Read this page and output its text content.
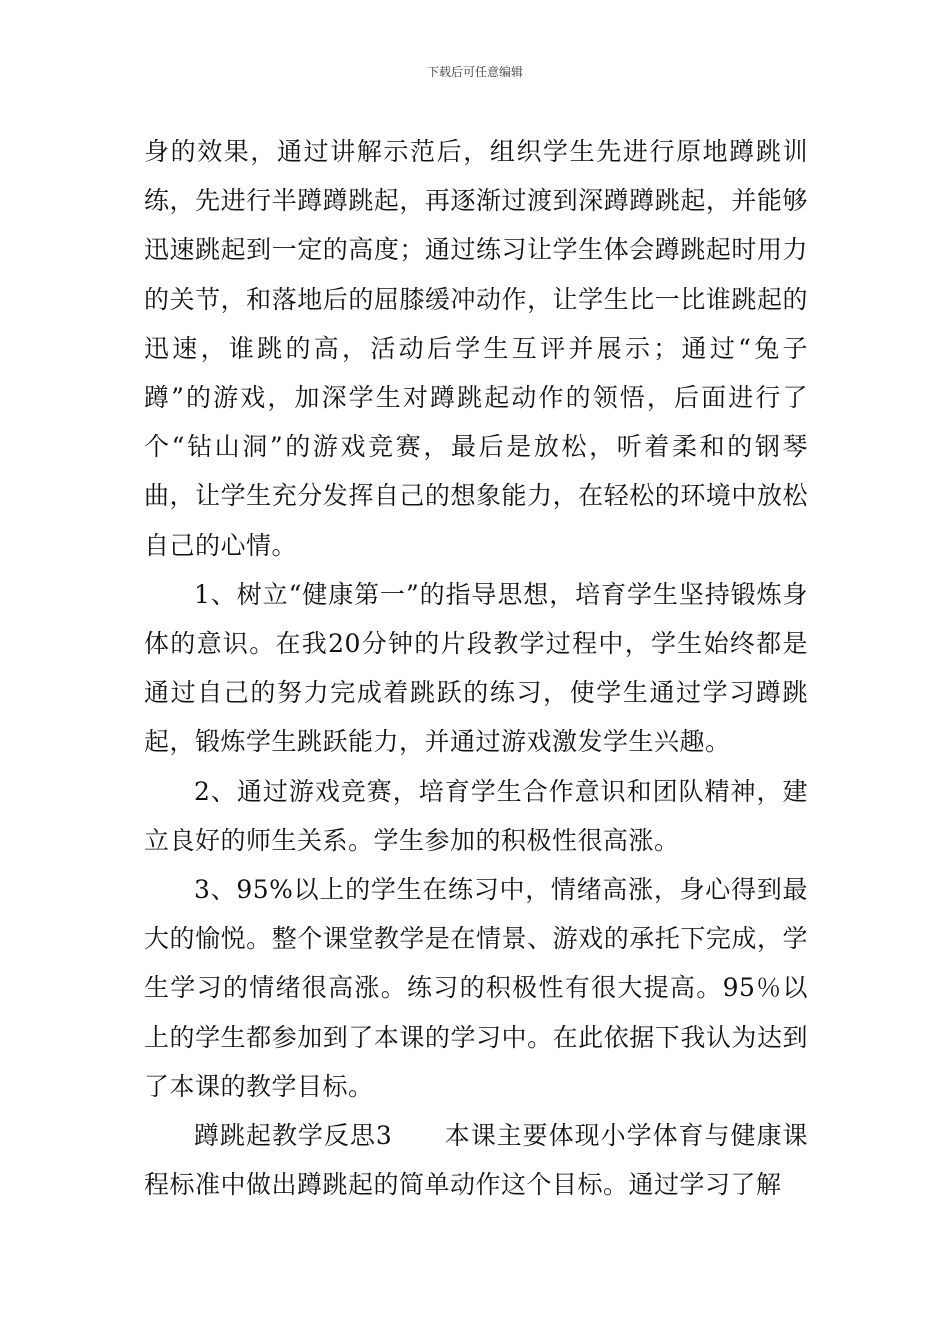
下载后可任意编辑

身的效果，通过讲解示范后，组织学生先进行原地蹲跳训练，先进行半蹲蹲跳起，再逐渐过渡到深蹲蹲跳起，并能够迅速跳起到一定的高度；通过练习让学生体会蹲跳起时用力的关节，和落地后的屈膝缓冲动作，让学生比一比谁跳起的迅速，谁跳的高，活动后学生互评并展示；通过“兔子蹲”的游戏，加深学生对蹲跳起动作的领悟，后面进行了个“钻山洞”的游戏竞赛，最后是放松，听着柔和的钢琴曲，让学生充分发挥自己的想象能力，在轻松的环境中放松自己的心情。

1、树立“健康第一”的指导思想，培育学生坚持锻炼身体的意识。在我20分钟的片段教学过程中，学生始终都是通过自己的努力完成着跳跃的练习，使学生通过学习蹲跳起，锻炼学生跳跃能力，并通过游戏激发学生兴趣。

2、通过游戏竞赛，培育学生合作意识和团队精神，建立良好的师生关系。学生参加的积极性很高涨。

3、95%以上的学生在练习中，情绪高涨，身心得到最大的愉悦。整个课堂教学是在情景、游戏的承托下完成，学生学习的情绪很高涨。练习的积极性有很大提高。95％以上的学生都参加到了本课的学习中。在此依据下我认为达到了本课的教学目标。

蹲跳起教学反思3　　本课主要体现小学体育与健康课程标准中做出蹲跳起的简单动作这个目标。通过学习了解
